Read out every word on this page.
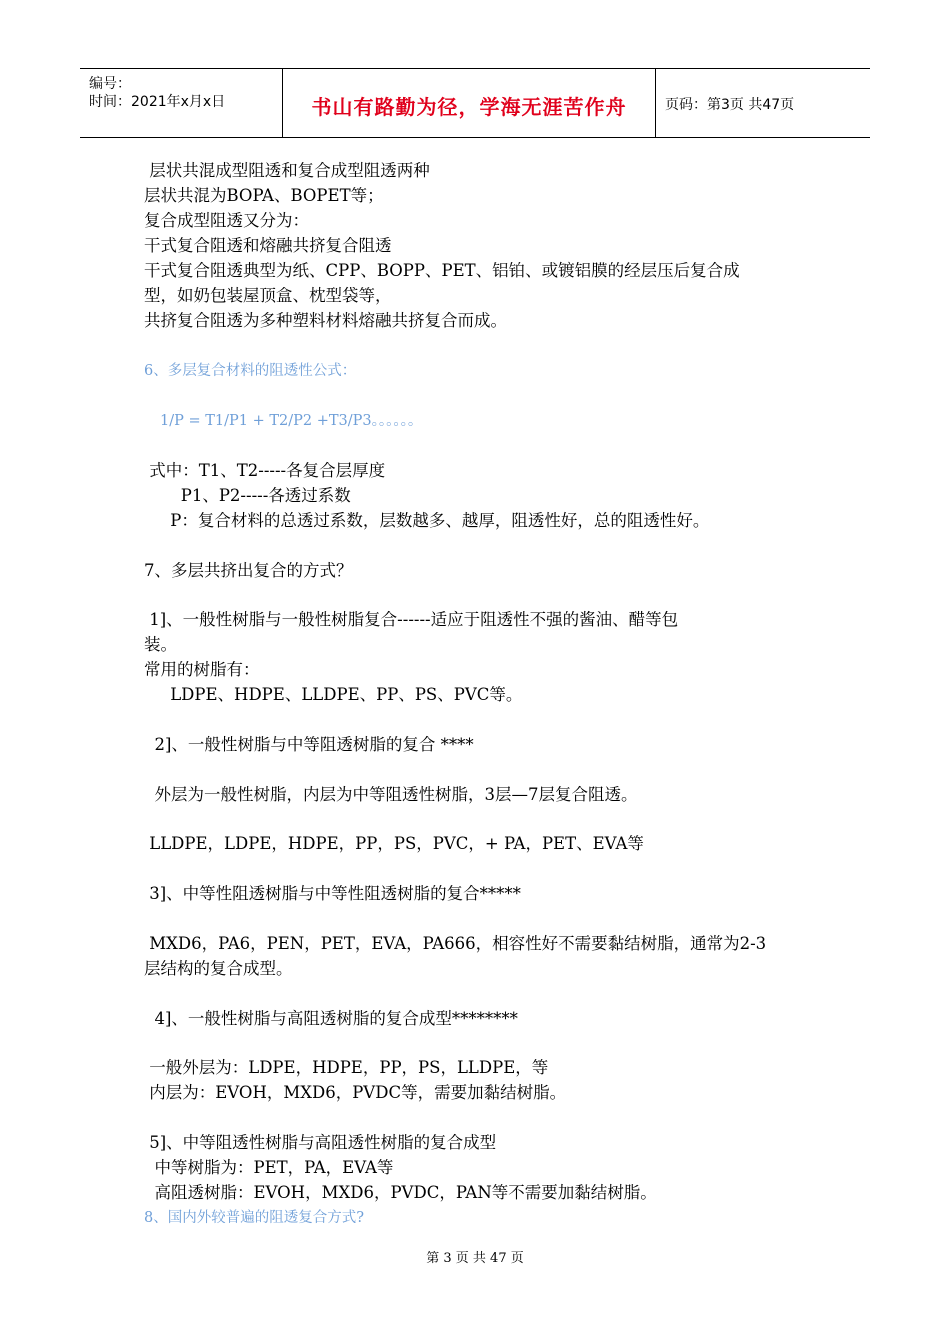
编号：
时间：2021年x月x日	书山有路勤为径，学海无涯苦作舟	页码：第3页 共47页
层状共混成型阻透和复合成型阻透两种
层状共混为BOPA、BOPET等；
复合成型阻透又分为：
干式复合阻透和熔融共挤复合阻透
干式复合阻透典型为纸、CPP、BOPP、PET、铝铂、或镀铝膜的经层压后复合成
型，如奶包装屋顶盒、枕型袋等，
共挤复合阻透为多种塑料材料熔融共挤复合而成。
6、多层复合材料的阻透性公式：
1/P = T1/P1 + T2/P2 +T3/P3。。。。。。
式中：T1、T2-----各复合层厚度
P1、P2-----各透过系数
P：复合材料的总透过系数，层数越多、越厚，阻透性好，总的阻透性好。
7、多层共挤出复合的方式？
1]、一般性树脂与一般性树脂复合------适应于阻透性不强的酱油、醋等包
装。
常用的树脂有：
LDPE、HDPE、LLDPE、PP、PS、PVC等。
2]、一般性树脂与中等阻透树脂的复合 ****
外层为一般性树脂，内层为中等阻透性树脂，3层—7层复合阻透。
LLDPE，LDPE，HDPE，PP，PS，PVC，+ PA，PET、EVA等
3]、中等性阻透树脂与中等性阻透树脂的复合*****
MXD6，PA6，PEN，PET，EVA，PA666，相容性好不需要黏结树脂，通常为2-3
层结构的复合成型。
4]、一般性树脂与高阻透树脂的复合成型********
一般外层为：LDPE，HDPE，PP，PS，LLDPE，等
内层为：EVOH，MXD6，PVDC等，需要加黏结树脂。
5]、中等阻透性树脂与高阻透性树脂的复合成型
中等树脂为：PET，PA，EVA等
高阻透树脂：EVOH，MXD6，PVDC，PAN等不需要加黏结树脂。
8、国内外较普遍的阻透复合方式?
第 3 页 共 47 页
